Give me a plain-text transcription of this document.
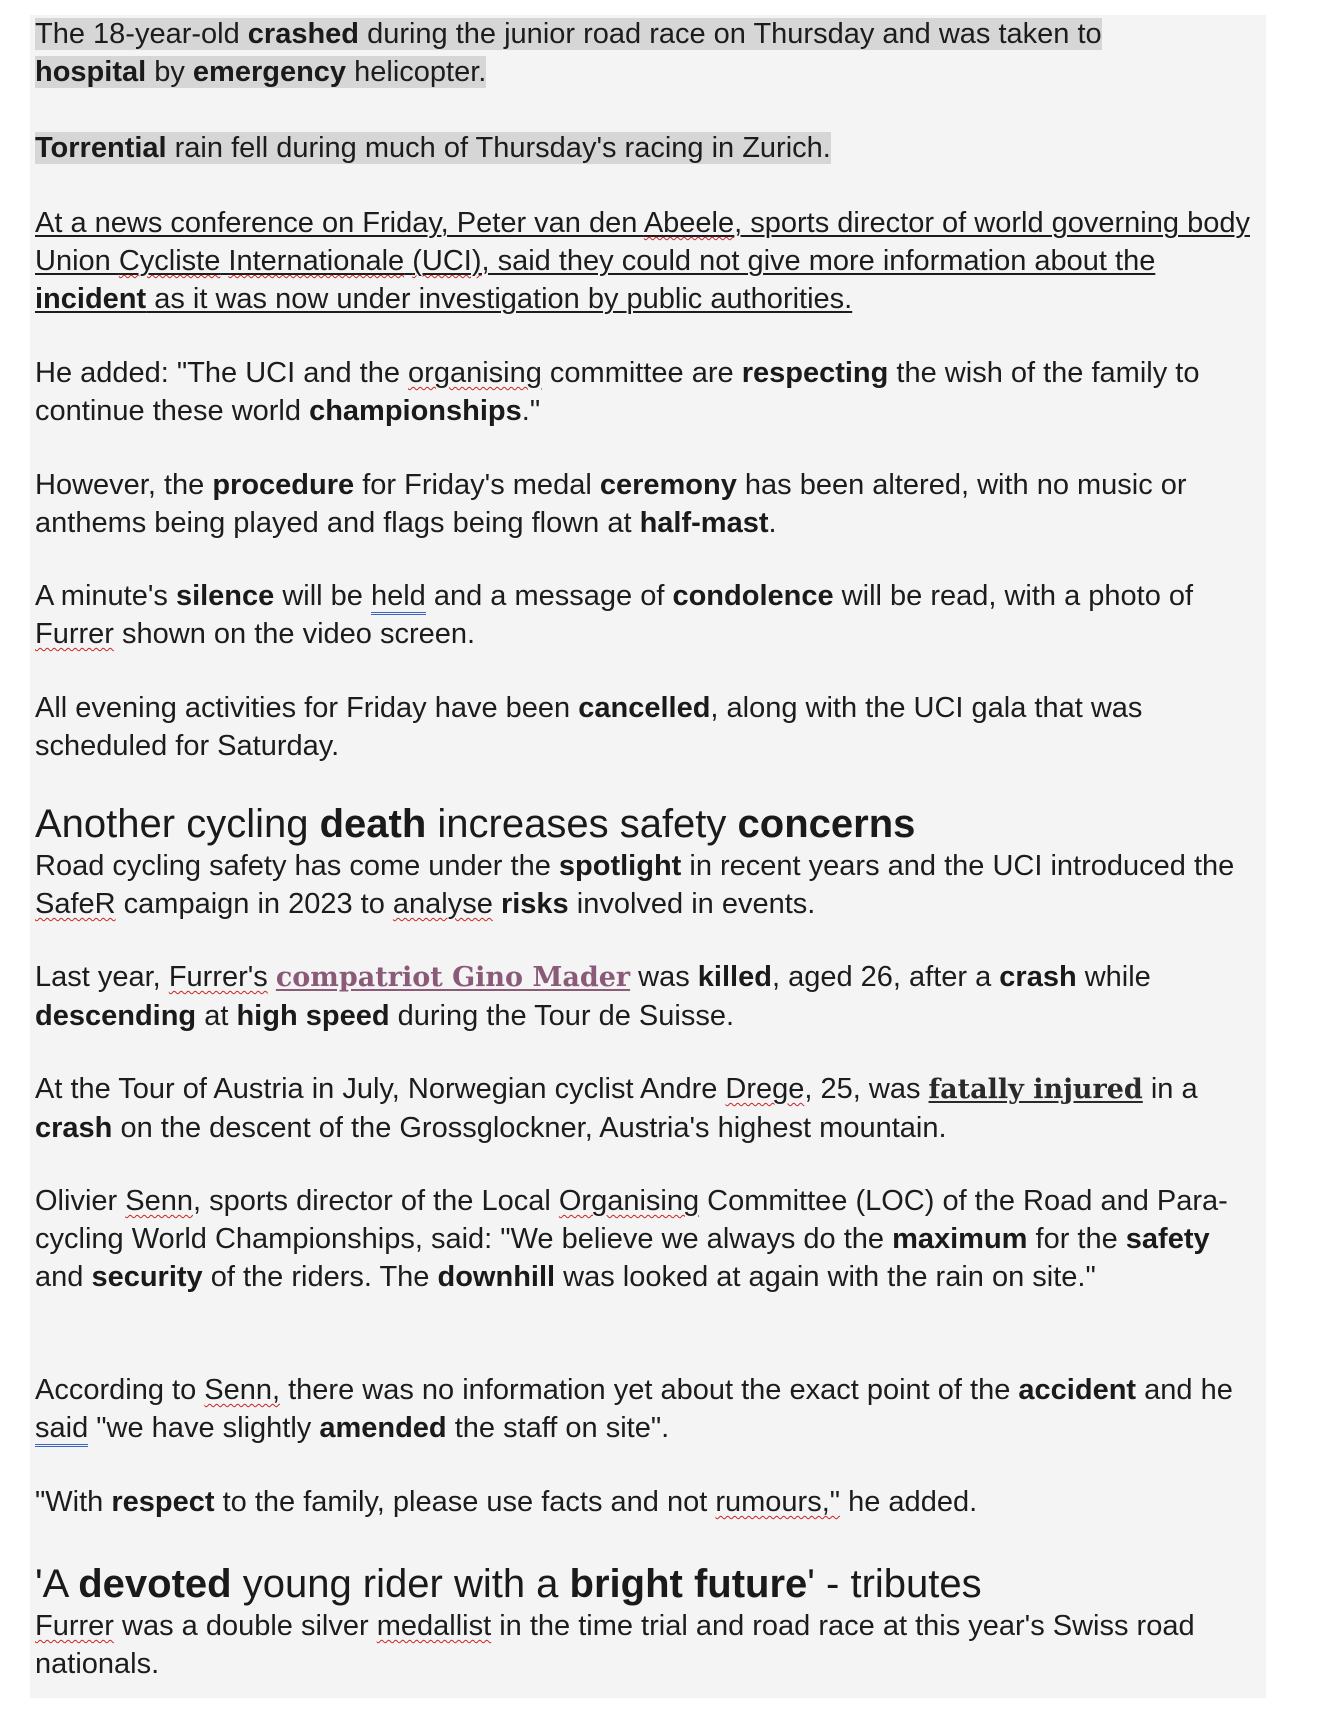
The 18-year-old crashed during the junior road race on Thursday and was taken to
hospital by emergency helicopter.

Torrential rain fell during much of Thursday's racing in Zurich.

At a news conference on Friday, Peter van den Abeele, sports director of world governing body Union Cycliste Internationale (UCI), said they could not give more information about the incident as it was now under investigation by public authorities.

He added: "The UCI and the organising committee are respecting the wish of the family to continue these world championships."

However, the procedure for Friday's medal ceremony has been altered, with no music or anthems being played and flags being flown at half-mast.

A minute's silence will be held and a message of condolence will be read, with a photo of Furrer shown on the video screen.

All evening activities for Friday have been cancelled, along with the UCI gala that was scheduled for Saturday.

Another cycling death increases safety concerns

Road cycling safety has come under the spotlight in recent years and the UCI introduced the SafeR campaign in 2023 to analyse risks involved in events.

Last year, Furrer's compatriot Gino Mader was killed, aged 26, after a crash while descending at high speed during the Tour de Suisse.

At the Tour of Austria in July, Norwegian cyclist Andre Drege, 25, was fatally injured in a crash on the descent of the Grossglockner, Austria's highest mountain.

Olivier Senn, sports director of the Local Organising Committee (LOC) of the Road and Para-cycling World Championships, said: "We believe we always do the maximum for the safety and security of the riders. The downhill was looked at again with the rain on site."

According to Senn, there was no information yet about the exact point of the accident and he said "we have slightly amended the staff on site".

"With respect to the family, please use facts and not rumours," he added.

'A devoted young rider with a bright future' - tributes

Furrer was a double silver medallist in the time trial and road race at this year's Swiss road nationals.
